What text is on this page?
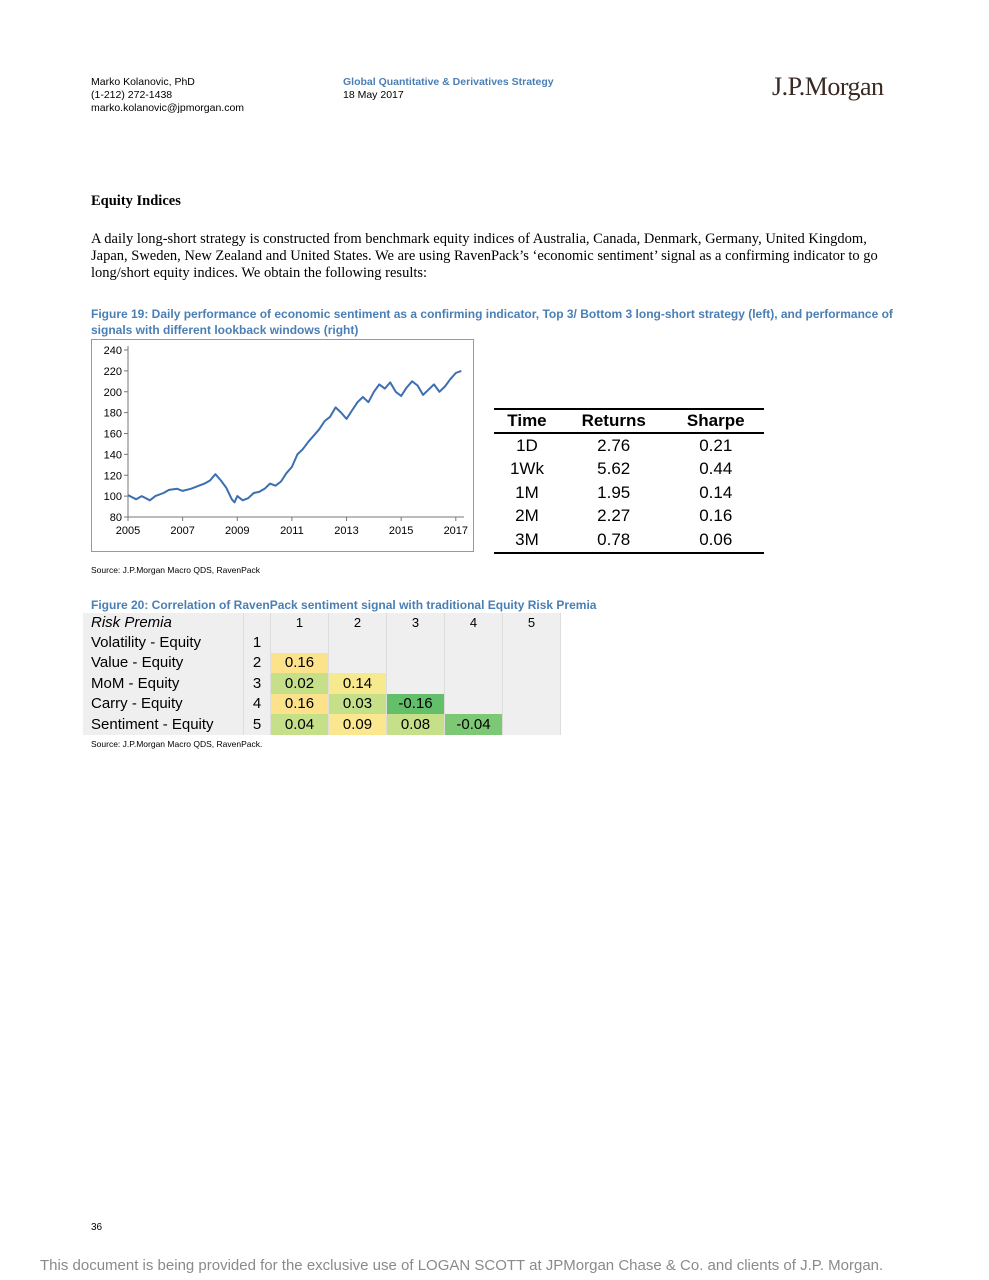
Marko Kolanovic, PhD
(1-212) 272-1438
marko.kolanovic@jpmorgan.com
Global Quantitative & Derivatives Strategy
18 May 2017	J.P.Morgan
Equity Indices
A daily long-short strategy is constructed from benchmark equity indices of Australia, Canada, Denmark, Germany, United Kingdom, Japan, Sweden, New Zealand and United States. We are using RavenPack’s ‘economic sentiment’ signal as a confirming indicator to go long/short equity indices. We obtain the following results:
Figure 19: Daily performance of economic sentiment as a confirming indicator, Top 3/ Bottom 3 long-short strategy (left), and performance of signals with different lookback windows (right)
80
100
120
140
160
180
200
220
240
2005	2007	2009	2011	2013	2015	2017
Time	Returns	Sharpe
1D	2.76	0.21
1Wk	5.62	0.44
1M	1.95	0.14
2M	2.27	0.16
3M	0.78	0.06
Source: J.P.Morgan Macro QDS, RavenPack
Figure 20: Correlation of RavenPack sentiment signal with traditional Equity Risk Premia
Risk Premia		1	2	3	4	5
Volatility - Equity	1					
Value - Equity	2	0.16				
MoM - Equity	3	0.02	0.14			
Carry - Equity	4	0.16	0.03	-0.16		
Sentiment - Equity	5	0.04	0.09	0.08	-0.04	
Source: J.P.Morgan Macro QDS, RavenPack.
36
This document is being provided for the exclusive use of LOGAN SCOTT at JPMorgan Chase & Co. and clients of J.P. Morgan.
